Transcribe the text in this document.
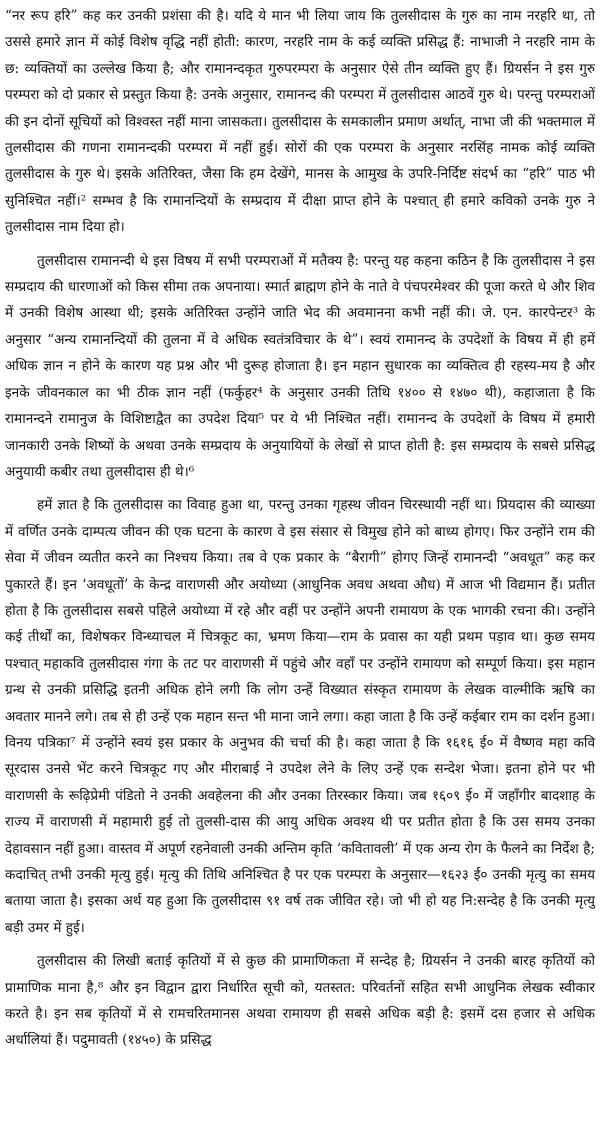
“नर रूप हरि” कह कर उनकी प्रशंसा की है। यदि ये मान भी लिया जाय कि तुलसीदास के गुरु का नाम नरहरि था, तो उससे हमारे ज्ञान में कोई विशेष वृद्धि नहीं होती: कारण, नरहरि नाम के कई व्यक्ति प्रसिद्ध हैं: नाभाजी ने नरहरि नाम के छ: व्यक्तियों का उल्लेख किया है; और रामानन्दकृत गुरुपरम्परा के अनुसार ऐसे तीन व्यक्ति हुए हैं। ग्रियर्सन ने इस गुरु परम्परा को दो प्रकार से प्रस्तुत किया है: उनके अनुसार, रामानन्द की परम्परा में तुलसीदास आठवें गुरु थे। परन्तु परम्पराओं की इन दोनों सूचियों को विश्वस्त नहीं माना जासकता। तुलसीदास के समकालीन प्रमाण अर्थात्, नाभा जी की भक्तमाल में तुलसीदास की गणना रामानन्दकी परम्परा में नहीं हुई। सोरों की एक परम्परा के अनुसार नरसिंह नामक कोई व्यक्ति तुलसीदास के गुरु थे। इसके अतिरिक्त, जैसा कि हम देखेंगे, मानस के आमुख के उपरि-निर्दिष्ट संदर्भ का “हरि” पाठ भी सुनिश्चित नहीं।² सम्भव है कि रामानन्दियों के सम्प्रदाय में दीक्षा प्राप्त होने के पश्चात् ही हमारे कविको उनके गुरु ने तुलसीदास नाम दिया हो।

तुलसीदास रामानन्दी थे इस विषय में सभी परम्पराओं में मतैक्य है: परन्तु यह कहना कठिन है कि तुलसीदास ने इस सम्प्रदाय की धारणाओं को किस सीमा तक अपनाया। स्मार्त ब्राह्मण होने के नाते वे पंचपरमेश्वर की पूजा करते थे और शिव में उनकी विशेष आस्था थी; इसके अतिरिक्त उन्होंने जाति भेद की अवमानना कभी नहीं की। जे. एन. कारपेन्टर³ के अनुसार “अन्य रामानन्दियों की तुलना में वे अधिक स्वतंत्रविचार के थे”। स्वयं रामानन्द के उपदेशों के विषय में ही हमें अधिक ज्ञान न होने के कारण यह प्रश्न और भी दुरूह होजाता है। इन महान सुधारक का व्यक्तित्व ही रहस्य-मय है और इनके जीवनकाल का भी ठीक ज्ञान नहीं (फर्कुहर⁴ के अनुसार उनकी तिथि १४०० से १४७० थी), कहाजाता है कि रामानन्दने रामानुज के विशिष्टाद्वैत का उपदेश दिया⁵ पर ये भी निश्चित नहीं। रामानन्द के उपदेशों के विषय में हमारी जानकारी उनके शिष्यों के अथवा उनके सम्प्रदाय के अनुयायियों के लेखों से प्राप्त होती है: इस सम्प्रदाय के सबसे प्रसिद्ध अनुयायी कबीर तथा तुलसीदास ही थे।⁶

हमें ज्ञात है कि तुलसीदास का विवाह हुआ था, परन्तु उनका गृहस्थ जीवन चिरस्थायी नहीं था। प्रियदास की व्याख्या में वर्णित उनके दाम्पत्य जीवन की एक घटना के कारण वे इस संसार से विमुख होने को बाध्य होगए। फिर उन्होंने राम की सेवा में जीवन व्यतीत करने का निश्चय किया। तब वे एक प्रकार के “बैरागी” होगए जिन्हें रामानन्दी “अवधूत” कह कर पुकारते हैं। इन ‘अवधूतों’ के केन्द्र वाराणसी और अयोध्या (आधुनिक अवध अथवा औध) में आज भी विद्यमान हैं। प्रतीत होता है कि तुलसीदास सबसे पहिले अयोध्या में रहे और वहीं पर उन्होंने अपनी रामायण के एक भागकी रचना की। उन्होंने कई तीर्थों का, विशेषकर विन्ध्याचल में चित्रकूट का, भ्रमण किया—राम के प्रवास का यही प्रथम पड़ाव था। कुछ समय पश्चात् महाकवि तुलसीदास गंगा के तट पर वाराणसी में पहुंचे और वहाँ पर उन्होंने रामायण को सम्पूर्ण किया। इस महान ग्रन्थ से उनकी प्रसिद्धि इतनी अधिक होने लगी कि लोग उन्हें विख्यात संस्कृत रामायण के लेखक वाल्मीकि ऋषि का अवतार मानने लगे। तब से ही उन्हें एक महान सन्त भी माना जाने लगा। कहा जाता है कि उन्हें कईबार राम का दर्शन हुआ। विनय पत्रिका⁷ में उन्होंने स्वयं इस प्रकार के अनुभव की चर्चा की है। कहा जाता है कि १६१६ ई० में वैष्णव महा कवि सूरदास उनसे भेंट करने चित्रकूट गए और मीराबाई ने उपदेश लेने के लिए उन्हें एक सन्देश भेजा। इतना होने पर भी वाराणसी के रूढ़िप्रेमी पंडितो ने उनकी अवहेलना की और उनका तिरस्कार किया। जब १६०९ ई० में जहाँगीर बादशाह के राज्य में वाराणसी में महामारी हुई तो तुलसी-दास की आयु अधिक अवश्य थी पर प्रतीत होता है कि उस समय उनका देहावसान नहीं हुआ। वास्तव में अपूर्ण रहनेवाली उनकी अन्तिम कृति ‘कवितावली’ में एक अन्य रोग के फैलने का निर्देश है; कदाचित् तभी उनकी मृत्यु हुई। मृत्यु की तिथि अनिश्चित है पर एक परम्परा के अनुसार—१६२३ ई० उनकी मृत्यु का समय बताया जाता है। इसका अर्थ यह हुआ कि तुलसीदास ९१ वर्ष तक जीवित रहे। जो भी हो यह नि:सन्देह है कि उनकी मृत्यु बड़ी उमर में हुई।

तुलसीदास की लिखी बताई कृतियों में से कुछ की प्रामाणिकता में सन्देह है; ग्रियर्सन ने उनकी बारह कृतियों को प्रामाणिक माना है,⁸ और इन विद्वान द्वारा निर्धारित सूची को, यतस्तत: परिवर्तनों सहित सभी आधुनिक लेखक स्वीकार करते है। इन सब कृतियों में से रामचरितमानस अथवा रामायण ही सबसे अधिक बड़ी है: इसमें दस हजार से अधिक अर्धालियां हैं। पदुमावती (१४५०) के प्रसिद्ध
